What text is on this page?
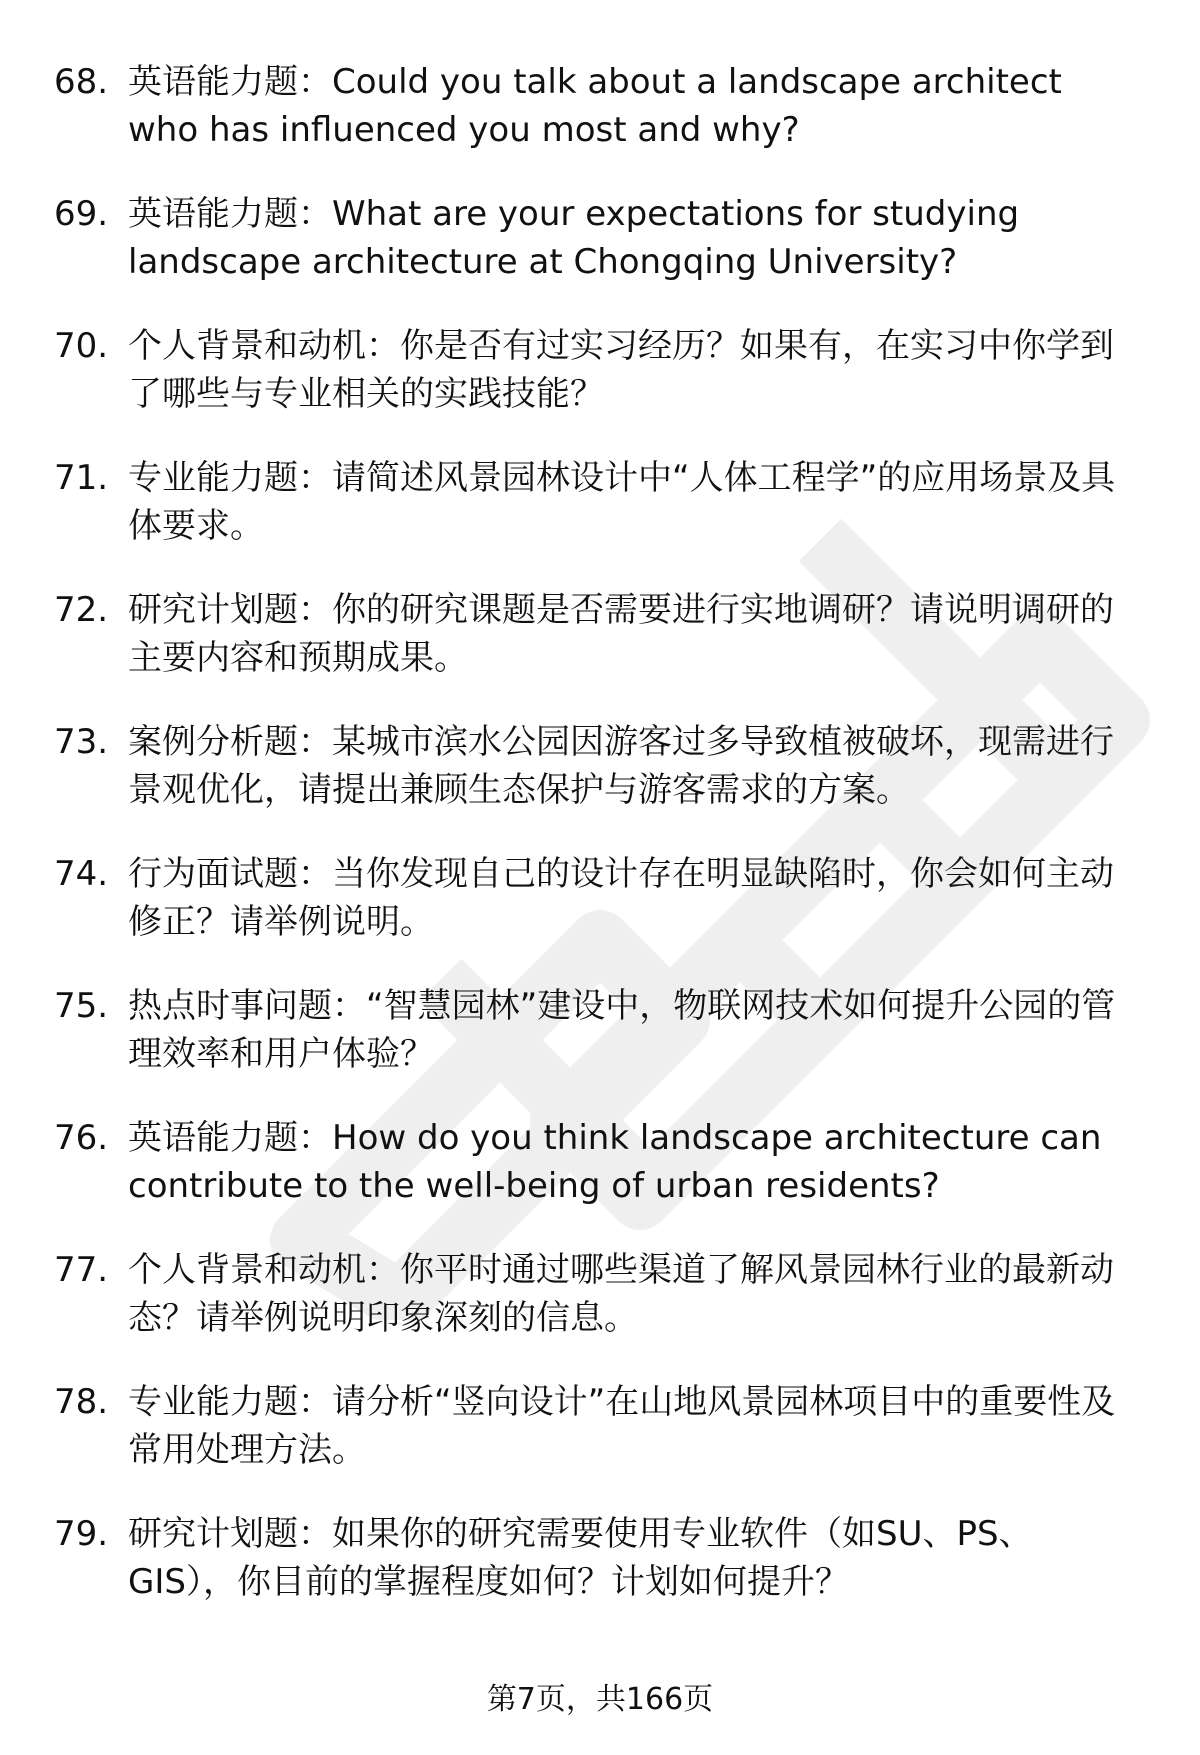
68. 英语能力题：Could you talk about a landscape architect who has influenced you most and why?
69. 英语能力题：What are your expectations for studying landscape architecture at Chongqing University?
70. 个人背景和动机：你是否有过实习经历？如果有，在实习中你学到了哪些与专业相关的实践技能？
71. 专业能力题：请简述风景园林设计中“人体工程学”的应用场景及具体要求。
72. 研究计划题：你的研究课题是否需要进行实地调研？请说明调研的主要内容和预期成果。
73. 案例分析题：某城市滨水公园因游客过多导致植被破坏，现需进行景观优化，请提出兼顾生态保护与游客需求的方案。
74. 行为面试题：当你发现自己的设计存在明显缺陷时，你会如何主动修正？请举例说明。
75. 热点时事问题：“智慧园林”建设中，物联网技术如何提升公园的管理效率和用户体验？
76. 英语能力题：How do you think landscape architecture can contribute to the well-being of urban residents?
77. 个人背景和动机：你平时通过哪些渠道了解风景园林行业的最新动态？请举例说明印象深刻的信息。
78. 专业能力题：请分析“竖向设计”在山地风景园林项目中的重要性及常用处理方法。
79. 研究计划题：如果你的研究需要使用专业软件（如SU、PS、GIS），你目前的掌握程度如何？计划如何提升？
第7页，共166页
